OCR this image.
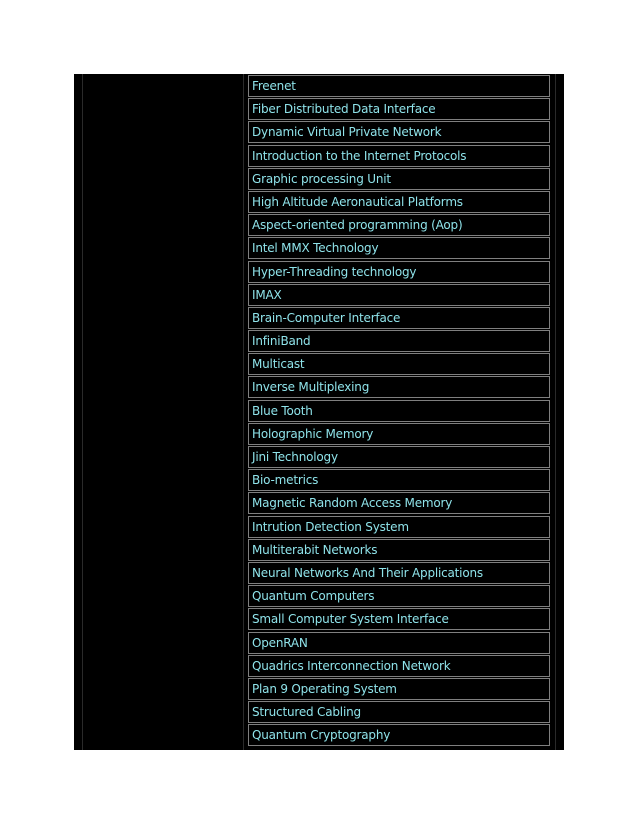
Freenet
Fiber Distributed Data Interface
Dynamic Virtual Private Network
Introduction to the Internet Protocols
Graphic processing Unit
High Altitude Aeronautical Platforms
Aspect-oriented programming (Aop)
Intel MMX Technology
Hyper-Threading technology
IMAX
Brain-Computer Interface
InfiniBand
Multicast
Inverse Multiplexing
Blue Tooth
Holographic Memory
Jini Technology
Bio-metrics
Magnetic Random Access Memory
Intrution Detection System
Multiterabit Networks
Neural Networks And Their Applications
Quantum Computers
Small Computer System Interface
OpenRAN
Quadrics Interconnection Network
Plan 9 Operating System
Structured Cabling
Quantum Cryptography
